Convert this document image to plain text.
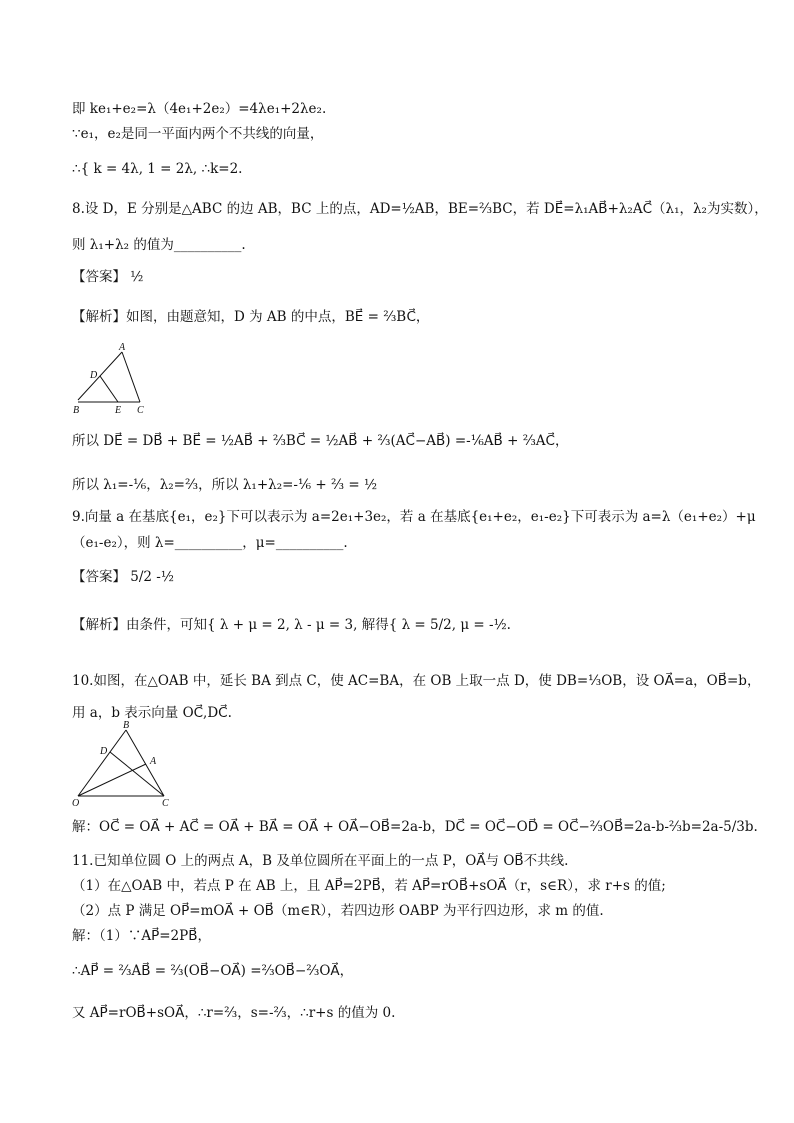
即 ke₁+e₂=λ（4e₁+2e₂）=4λe₁+2λe₂.
∵e₁，e₂是同一平面内两个不共线的向量，
∴{ k = 4λ, 1 = 2λ, ∴k=2.
8.设 D，E 分别是△ABC 的边 AB，BC 上的点，AD=½AB，BE=⅔BC，若 DE⃗=λ₁AB⃗+λ₂AC⃗（λ₁，λ₂为实数），
则 λ₁+λ₂ 的值为__________.
【答案】 ½
【解析】如图，由题意知，D 为 AB 的中点，BE⃗ = ⅔BC⃗，
A
D
B	E C
所以 DE⃗ = DB⃗ + BE⃗ = ½AB⃗ + ⅔BC⃗ = ½AB⃗ + ⅔(AC⃗−AB⃗) =-⅙AB⃗ + ⅔AC⃗，
所以 λ₁=-⅙，λ₂=⅔，所以 λ₁+λ₂=-⅙ + ⅔ = ½
9.向量 a 在基底{e₁，e₂}下可以表示为 a=2e₁+3e₂，若 a 在基底{e₁+e₂，e₁-e₂}下可表示为 a=λ（e₁+e₂）+μ
（e₁-e₂），则 λ=__________，μ=__________.
【答案】 5/2 -½
【解析】由条件，可知{ λ + μ = 2, λ - μ = 3, 解得{ λ = 5/2, μ = -½.
10.如图，在△OAB 中，延长 BA 到点 C，使 AC=BA，在 OB 上取一点 D，使 DB=⅓OB，设 OA⃗=a，OB⃗=b，
用 a，b 表示向量 OC⃗,DC⃗.
B
D
A
O	C
解：OC⃗ = OA⃗ + AC⃗ = OA⃗ + BA⃗ = OA⃗ + OA⃗−OB⃗=2a-b，DC⃗ = OC⃗−OD⃗ = OC⃗−⅔OB⃗=2a-b-⅔b=2a-5/3b.
11.已知单位圆 O 上的两点 A，B 及单位圆所在平面上的一点 P，OA⃗与 OB⃗不共线.
（1）在△OAB 中，若点 P 在 AB 上，且 AP⃗=2PB⃗，若 AP⃗=rOB⃗+sOA⃗（r，s∈R），求 r+s 的值;
（2）点 P 满足 OP⃗=mOA⃗ + OB⃗（m∈R），若四边形 OABP 为平行四边形，求 m 的值.
解：（1）∵AP⃗=2PB⃗，
∴AP⃗ = ⅔AB⃗ = ⅔(OB⃗−OA⃗) =⅔OB⃗−⅔OA⃗，
又 AP⃗=rOB⃗+sOA⃗，∴r=⅔，s=-⅔，∴r+s 的值为 0.
